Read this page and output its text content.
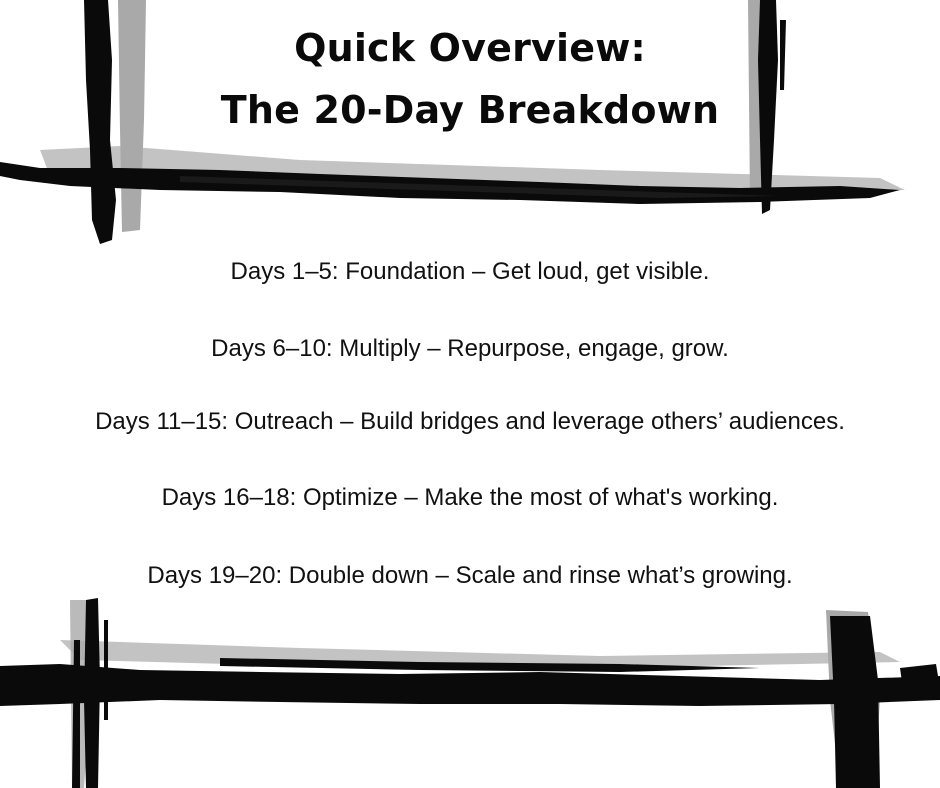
Quick Overview:
The 20-Day Breakdown
Days 1–5: Foundation – Get loud, get visible.
Days 6–10: Multiply – Repurpose, engage, grow.
Days 11–15: Outreach – Build bridges and leverage others’ audiences.
Days 16–18: Optimize – Make the most of what's working.
Days 19–20: Double down – Scale and rinse what’s growing.
